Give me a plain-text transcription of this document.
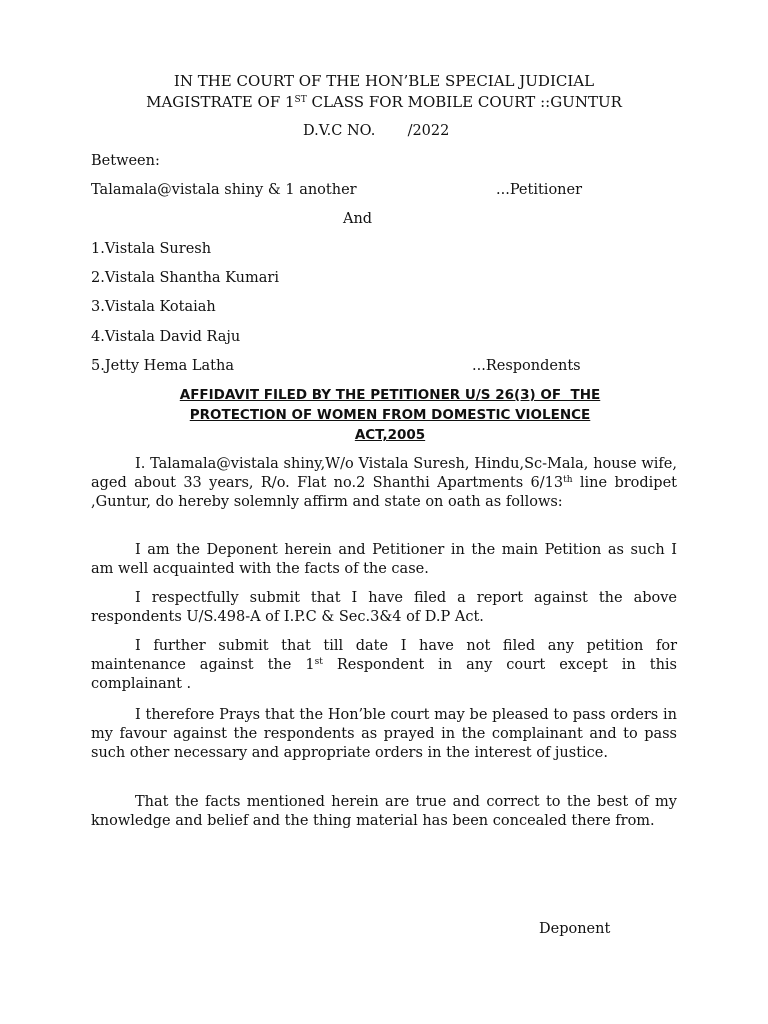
IN THE COURT OF THE HON’BLE SPECIAL JUDICIAL
MAGISTRATE OF 1ST CLASS FOR MOBILE COURT ::GUNTUR
D.V.C NO.       /2022
Between:
Talamala@vistala shiny & 1 another	...Petitioner
And
1.Vistala Suresh
2.Vistala Shantha Kumari
3.Vistala Kotaiah
4.Vistala David Raju
5.Jetty Hema Latha	...Respondents
AFFIDAVIT FILED BY THE PETITIONER U/S 26(3) OF  THE
PROTECTION OF WOMEN FROM DOMESTIC VIOLENCE
ACT,2005

I. Talamala@vistala shiny,W/o Vistala Suresh, Hindu,Sc-Mala, house wife, aged about 33 years, R/o. Flat no.2 Shanthi Apartments 6/13th line brodipet ,Guntur, do hereby solemnly affirm and state on oath as follows:

I am the Deponent herein and Petitioner in the main Petition as such I am well acquainted with the facts of the case.

I respectfully submit that I have filed a report against the above respondents U/S.498-A of I.P.C & Sec.3&4 of D.P Act.

I further submit that till date I have not filed any petition for maintenance against the 1st Respondent in any court except in this complainant .

I therefore Prays that the Hon’ble court may be pleased to pass orders in my favour against the respondents as prayed in the complainant and to pass such other necessary and appropriate orders in the interest of justice.

That the facts mentioned herein are true and correct to the best of my knowledge and belief and the thing material has been concealed there from.

Deponent
